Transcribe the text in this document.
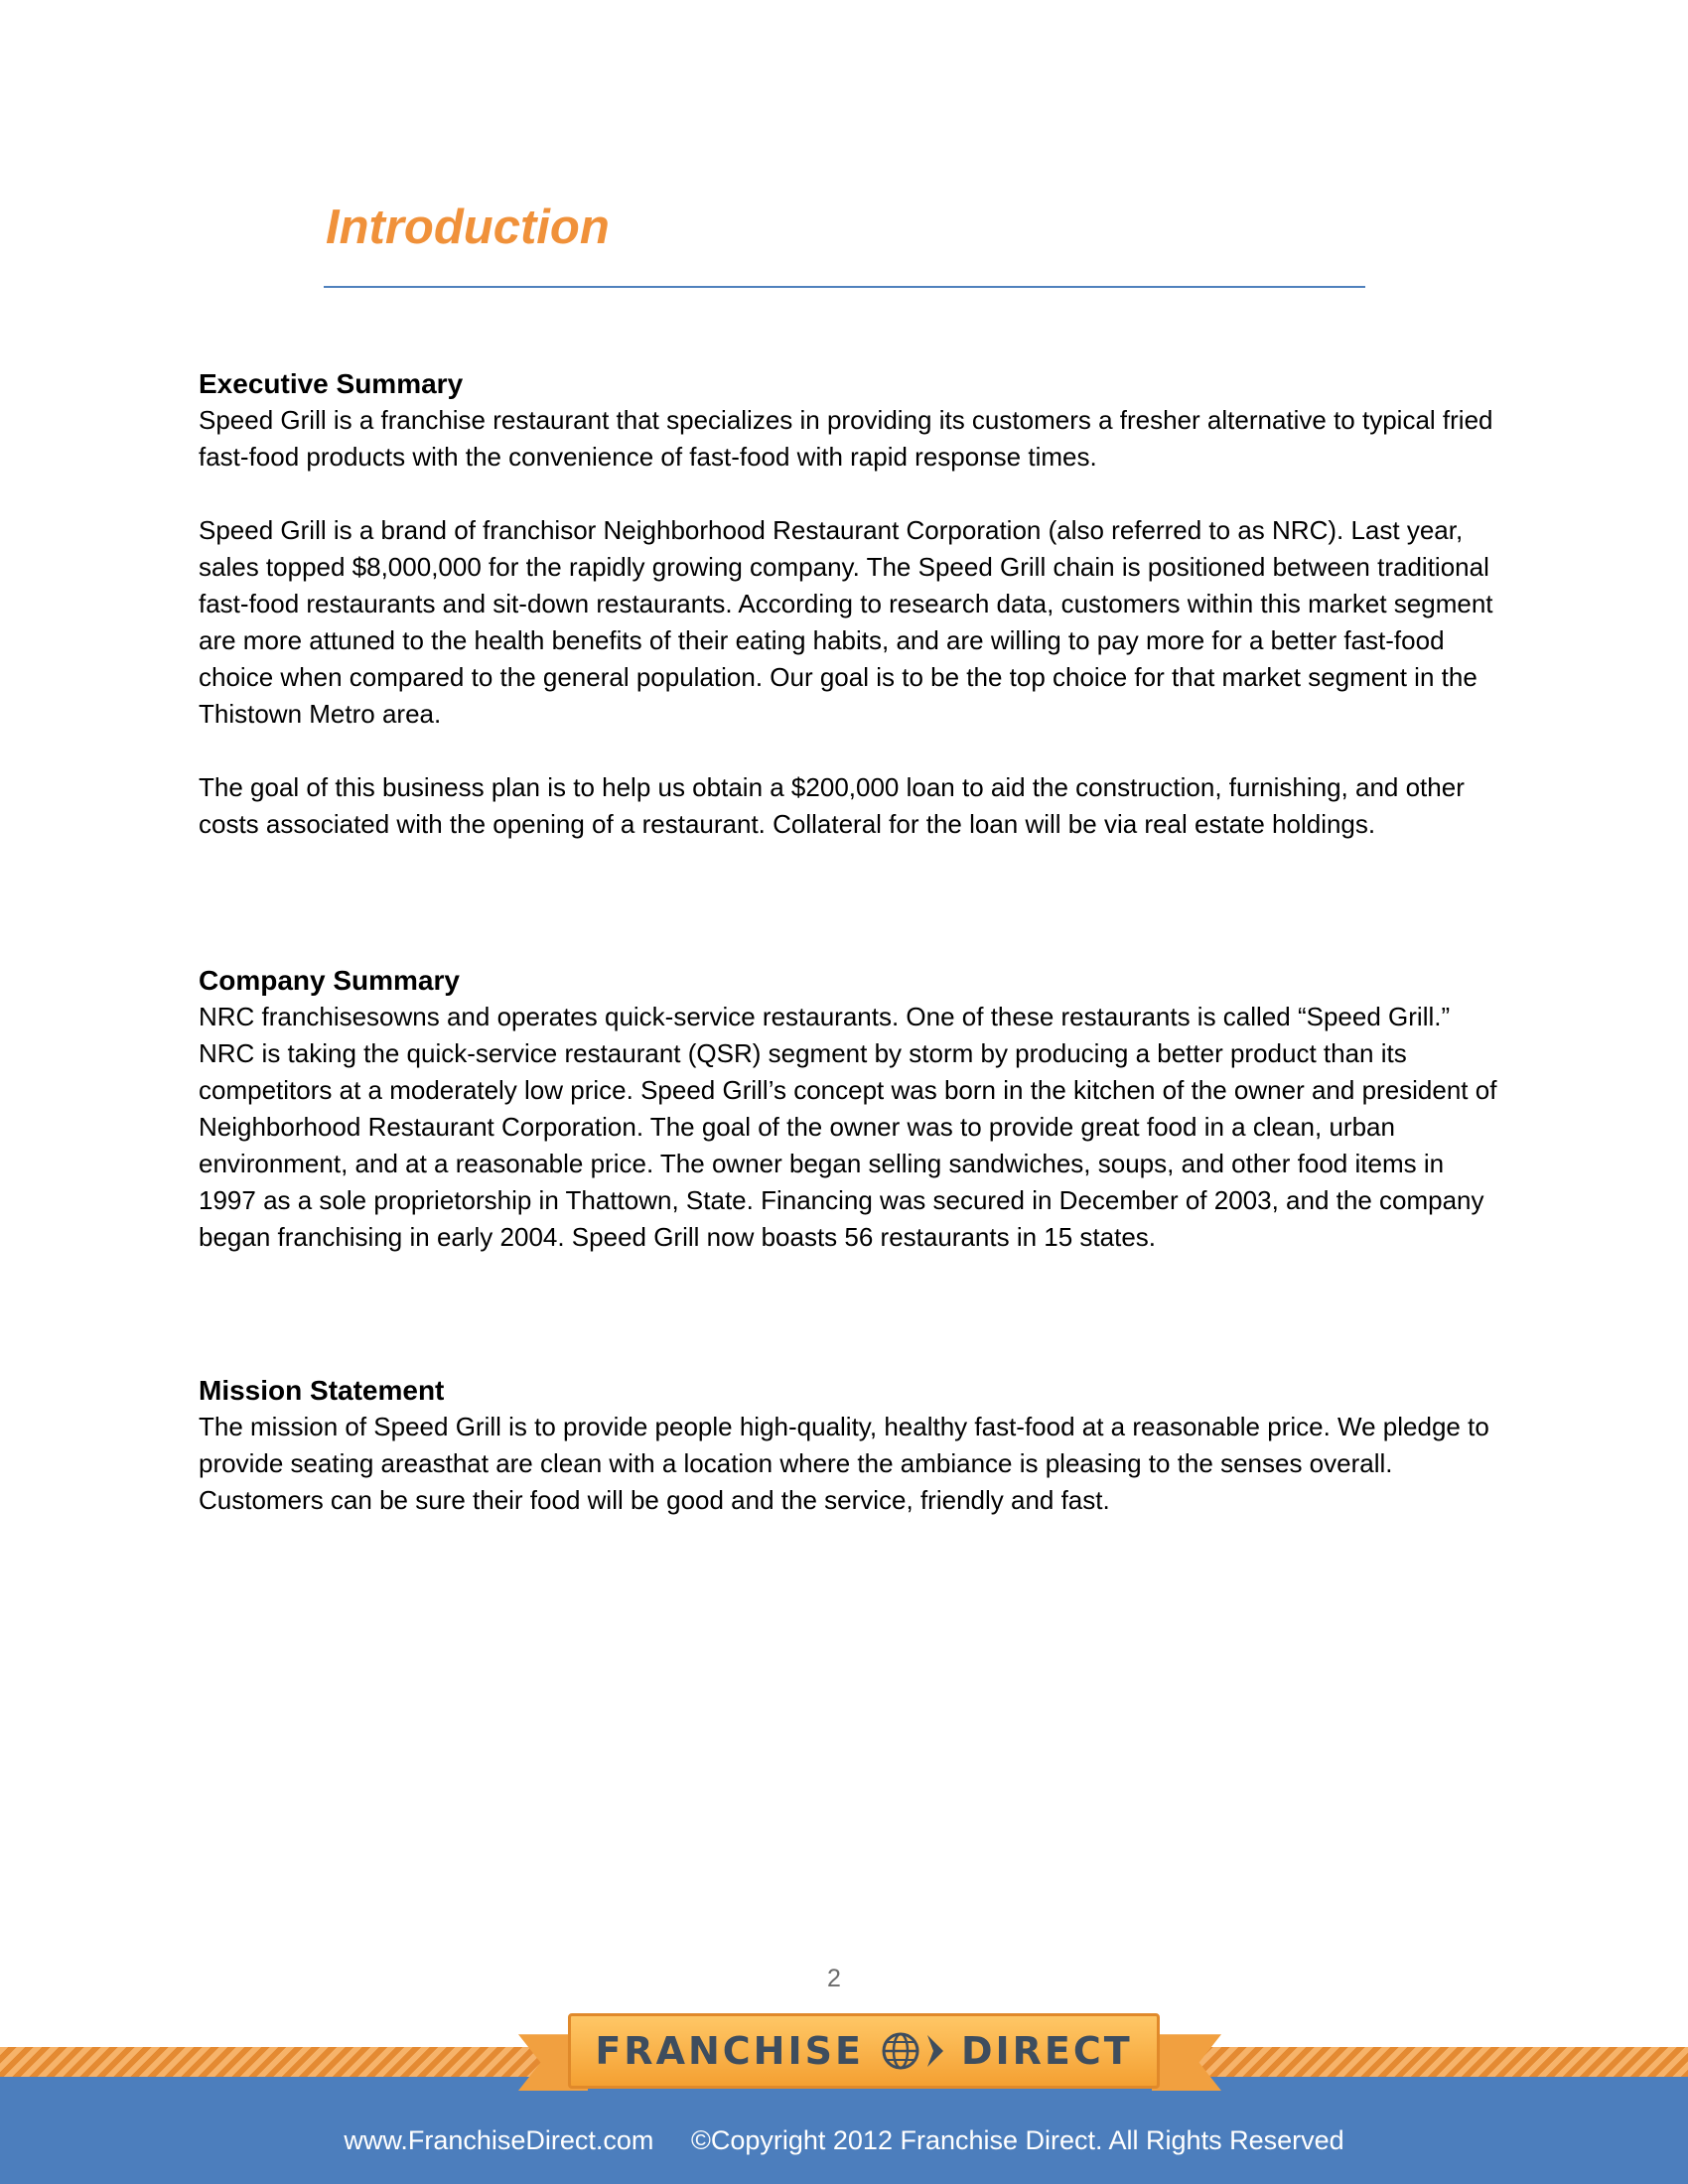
Introduction
Executive Summary

Speed Grill is a franchise restaurant that specializes in providing its customers a fresher alternative to typical fried fast-food products with the convenience of fast-food with rapid response times.

Speed Grill is a brand of franchisor Neighborhood Restaurant Corporation (also referred to as NRC). Last year, sales topped $8,000,000 for the rapidly growing company. The Speed Grill chain is positioned between traditional fast-food restaurants and sit-down restaurants. According to research data, customers within this market segment are more attuned to the health benefits of their eating habits, and are willing to pay more for a better fast-food choice when compared to the general population. Our goal is to be the top choice for that market segment in the Thistown Metro area.

The goal of this business plan is to help us obtain a $200,000 loan to aid the construction, furnishing, and other costs associated with the opening of a restaurant. Collateral for the loan will be via real estate holdings.

Company Summary

NRC franchisesowns and operates quick-service restaurants. One of these restaurants is called “Speed Grill.” NRC is taking the quick-service restaurant (QSR) segment by storm by producing a better product than its competitors at a moderately low price. Speed Grill’s concept was born in the kitchen of the owner and president of Neighborhood Restaurant Corporation. The goal of the owner was to provide great food in a clean, urban environment, and at a reasonable price. The owner began selling sandwiches, soups, and other food items in 1997 as a sole proprietorship in Thattown, State. Financing was secured in December of 2003, and the company began franchising in early 2004. Speed Grill now boasts 56 restaurants in 15 states.

Mission Statement

The mission of Speed Grill is to provide people high-quality, healthy fast-food at a reasonable price. We pledge to provide seating areasthat are clean with a location where the ambiance is pleasing to the senses overall. Customers can be sure their food will be good and the service, friendly and fast.

2
FRANCHISE	DIRECT
www.FranchiseDirect.com ©Copyright 2012 Franchise Direct. All Rights Reserved
